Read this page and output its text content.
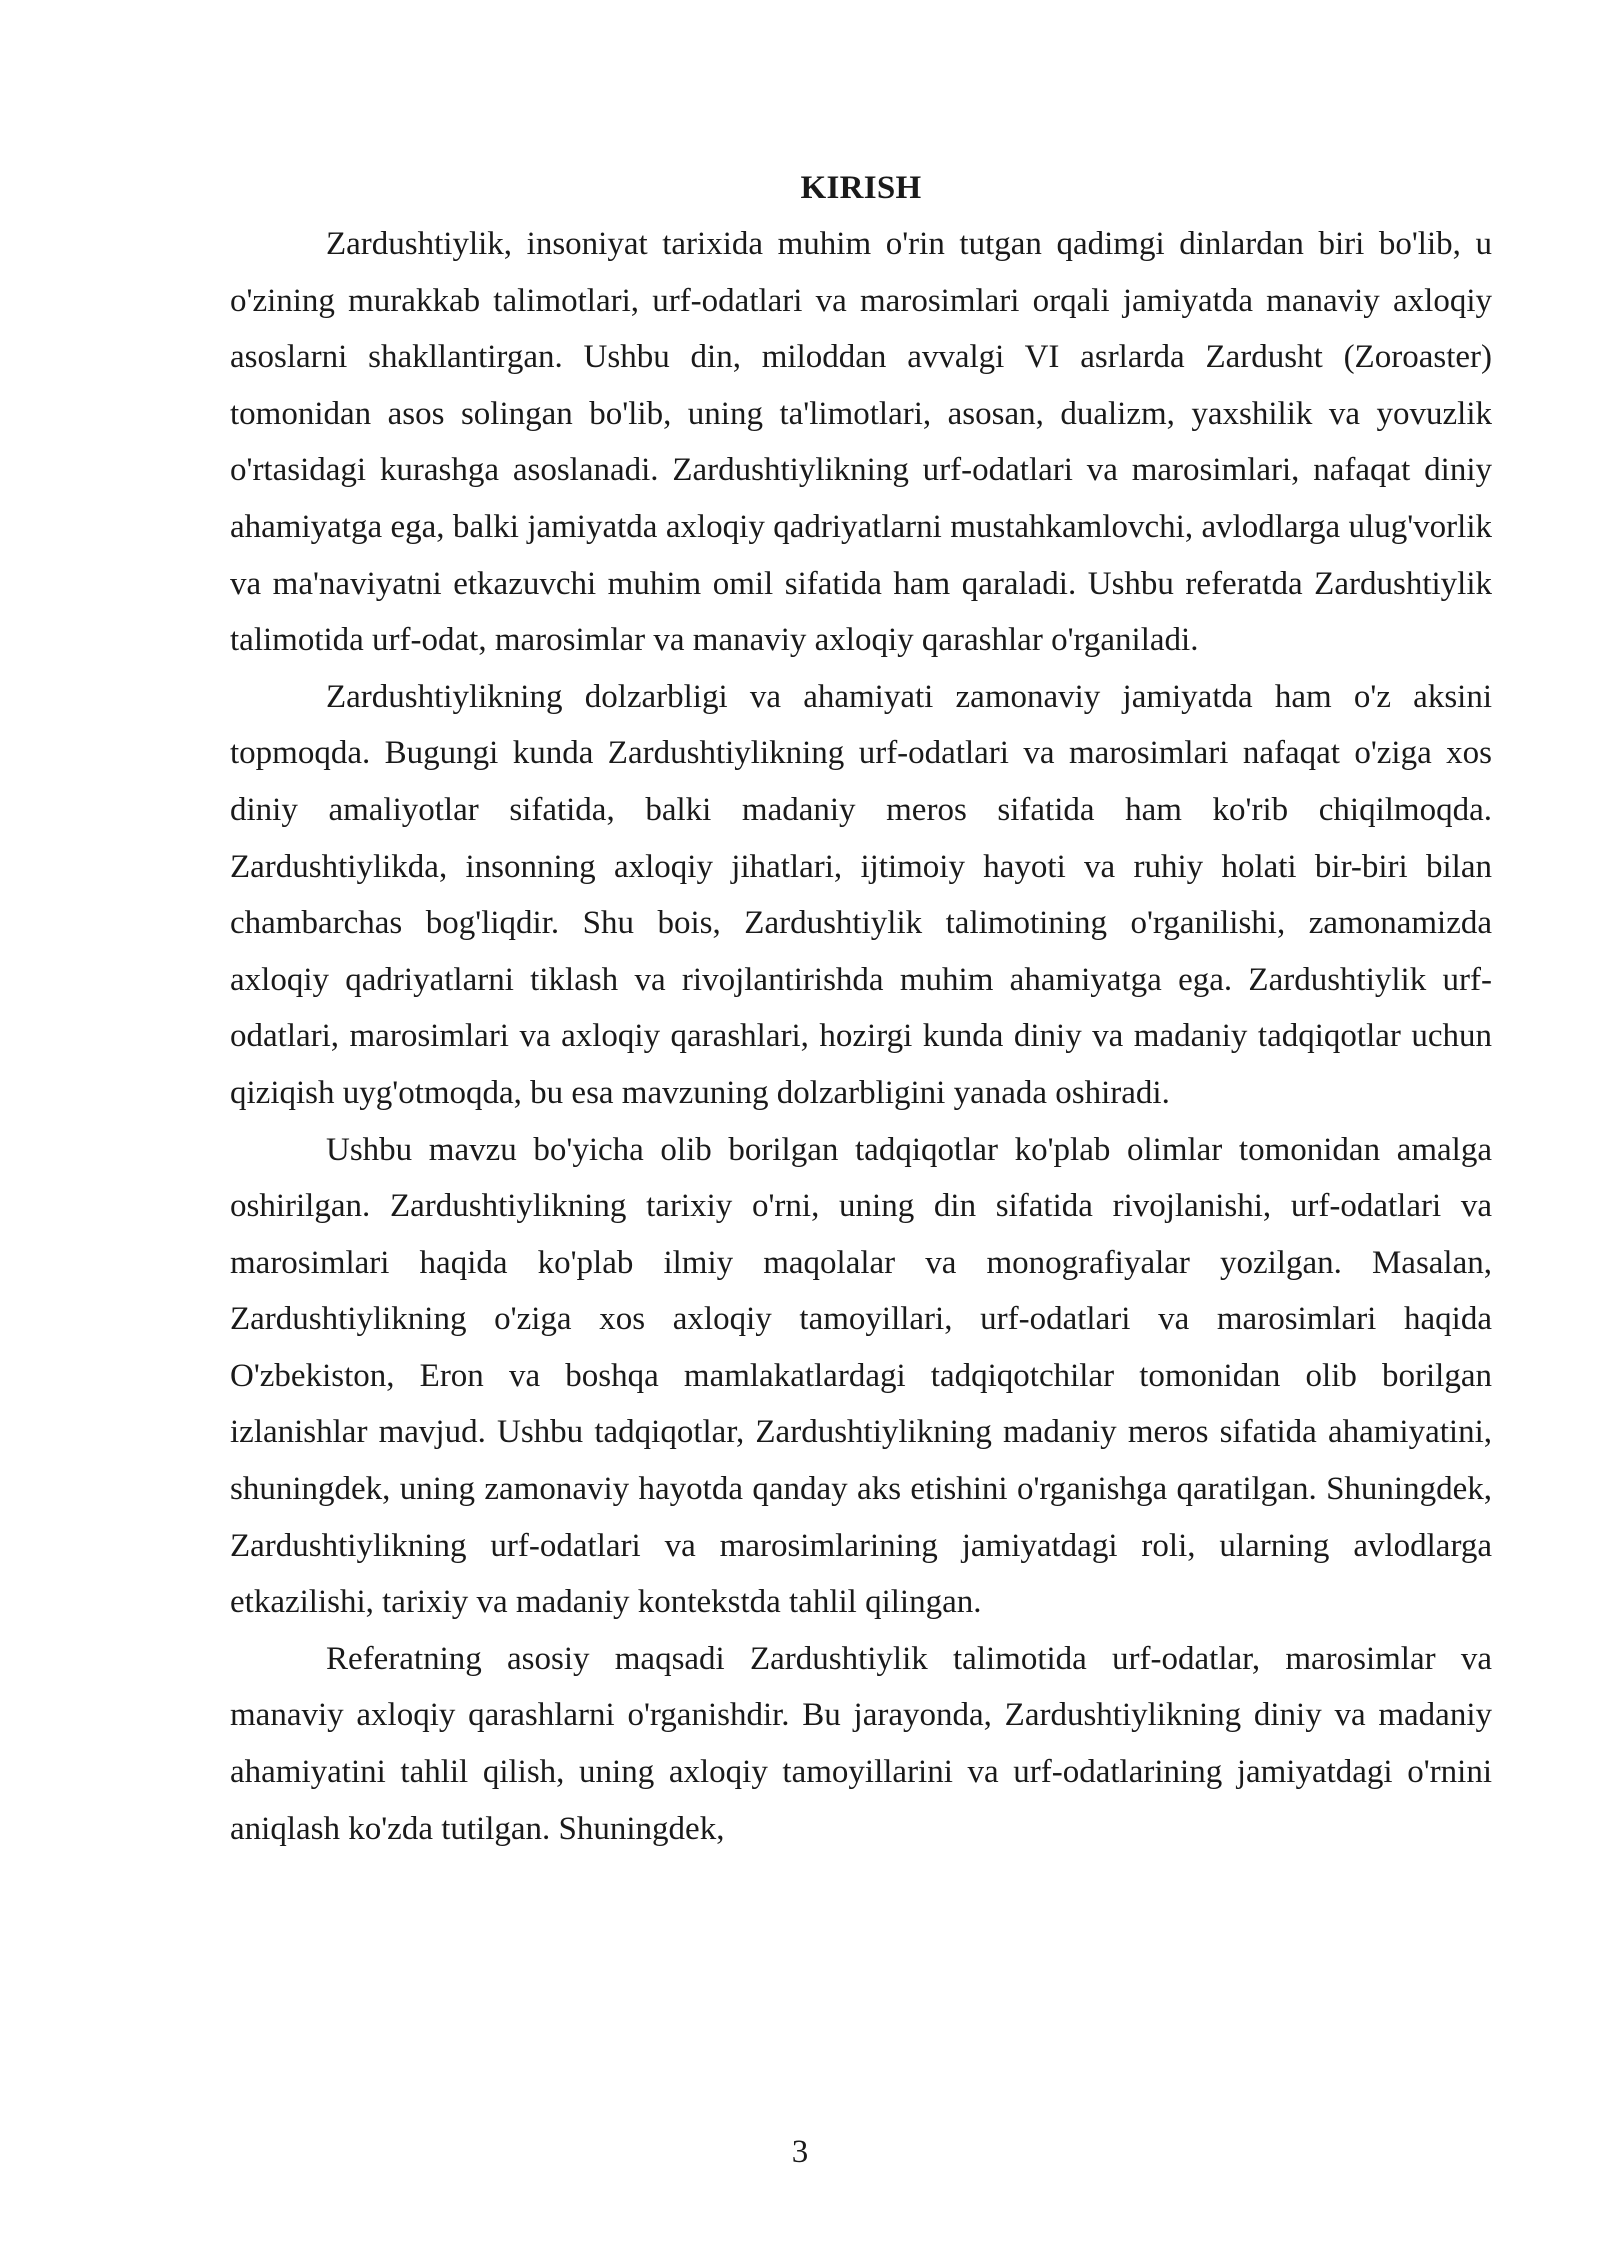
KIRISH

Zardushtiylik, insoniyat tarixida muhim o'rin tutgan qadimgi dinlardan biri bo'lib, u o'zining murakkab talimotlari, urf-odatlari va marosimlari orqali jamiyatda manaviy axloqiy asoslarni shakllantirgan. Ushbu din, miloddan avvalgi VI asrlarda Zardusht (Zoroaster) tomonidan asos solingan bo'lib, uning ta'limotlari, asosan, dualizm, yaxshilik va yovuzlik o'rtasidagi kurashga asoslanadi. Zardushtiylikning urf-odatlari va marosimlari, nafaqat diniy ahamiyatga ega, balki jamiyatda axloqiy qadriyatlarni mustahkamlovchi, avlodlarga ulug'vorlik va ma'naviyatni etkazuvchi muhim omil sifatida ham qaraladi. Ushbu referatda Zardushtiylik talimotida urf-odat, marosimlar va manaviy axloqiy qarashlar o'rganiladi.

Zardushtiylikning dolzarbligi va ahamiyati zamonaviy jamiyatda ham o'z aksini topmoqda. Bugungi kunda Zardushtiylikning urf-odatlari va marosimlari nafaqat o'ziga xos diniy amaliyotlar sifatida, balki madaniy meros sifatida ham ko'rib chiqilmoqda. Zardushtiylikda, insonning axloqiy jihatlari, ijtimoiy hayoti va ruhiy holati bir-biri bilan chambarchas bog'liqdir. Shu bois, Zardushtiylik talimotining o'rganilishi, zamonamizda axloqiy qadriyatlarni tiklash va rivojlantirishda muhim ahamiyatga ega. Zardushtiylik urf-odatlari, marosimlari va axloqiy qarashlari, hozirgi kunda diniy va madaniy tadqiqotlar uchun qiziqish uyg'otmoqda, bu esa mavzuning dolzarbligini yanada oshiradi.

Ushbu mavzu bo'yicha olib borilgan tadqiqotlar ko'plab olimlar tomonidan amalga oshirilgan. Zardushtiylikning tarixiy o'rni, uning din sifatida rivojlanishi, urf-odatlari va marosimlari haqida ko'plab ilmiy maqolalar va monografiyalar yozilgan. Masalan, Zardushtiylikning o'ziga xos axloqiy tamoyillari, urf-odatlari va marosimlari haqida O'zbekiston, Eron va boshqa mamlakatlardagi tadqiqotchilar tomonidan olib borilgan izlanishlar mavjud. Ushbu tadqiqotlar, Zardushtiylikning madaniy meros sifatida ahamiyatini, shuningdek, uning zamonaviy hayotda qanday aks etishini o'rganishga qaratilgan. Shuningdek, Zardushtiylikning urf-odatlari va marosimlarining jamiyatdagi roli, ularning avlodlarga etkazilishi, tarixiy va madaniy kontekstda tahlil qilingan.

Referatning asosiy maqsadi Zardushtiylik talimotida urf-odatlar, marosimlar va manaviy axloqiy qarashlarni o'rganishdir. Bu jarayonda, Zardushtiylikning diniy va madaniy ahamiyatini tahlil qilish, uning axloqiy tamoyillarini va urf-odatlarining jamiyatdagi o'rnini aniqlash ko'zda tutilgan. Shuningdek,

3
